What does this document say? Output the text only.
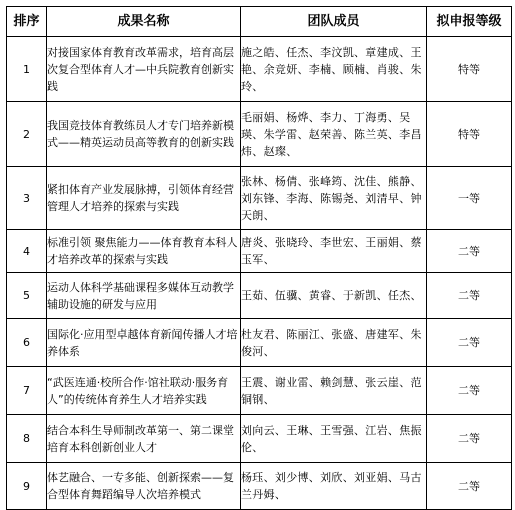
排序	成果名称	团队成员	拟申报等级
1	对接国家体育教育改革需求，培育高层次复合型体育人才—中兵院教育创新实践	施之皓、任杰、李汶凯、章建成、王艳、余竞妍、李楠、顾楠、肖骏、朱玲、	特等
2	我国竞技体育教练员人才专门培养新模式——精英运动员高等教育的创新实践	毛丽娟、杨烨、李力、丁海勇、吴瑛、朱学雷、赵荣善、陈兰英、李昌炜、赵璨、	特等
3	紧扣体育产业发展脉搏，引领体育经营管理人才培养的探索与实践	张林、杨倩、张峰筠、沈佳、熊静、刘东锋、李海、陈锡尧、刘清早、钟天朗、	一等
4	标准引领 聚焦能力——体育教育本科人才培养改革的探索与实践	唐炎、张晓玲、李世宏、王丽娟、蔡玉军、	二等
5	运动人体科学基础课程多媒体互动教学辅助设施的研发与应用	王茹、伍骥、黄睿、于新凯、任杰、	二等
6	国际化·应用型卓越体育新闻传播人才培养体系	杜友君、陈丽江、张盛、唐建军、朱俊河、	二等
7	“武医连通·校所合作·馆社联动·服务育人”的传统体育养生人才培养实践	王震、谢业雷、赖剑慧、张云崖、范铜钢、	二等
8	结合本科生导师制改革第一、第二课堂培育本科创新创业人才	刘向云、王琳、王雪强、江岩、焦振伦、	二等
9	体艺融合、一专多能、创新探索——复合型体育舞蹈编导人次培养模式	杨珏、刘少博、刘欣、刘亚娟、马古兰丹姆、	二等
